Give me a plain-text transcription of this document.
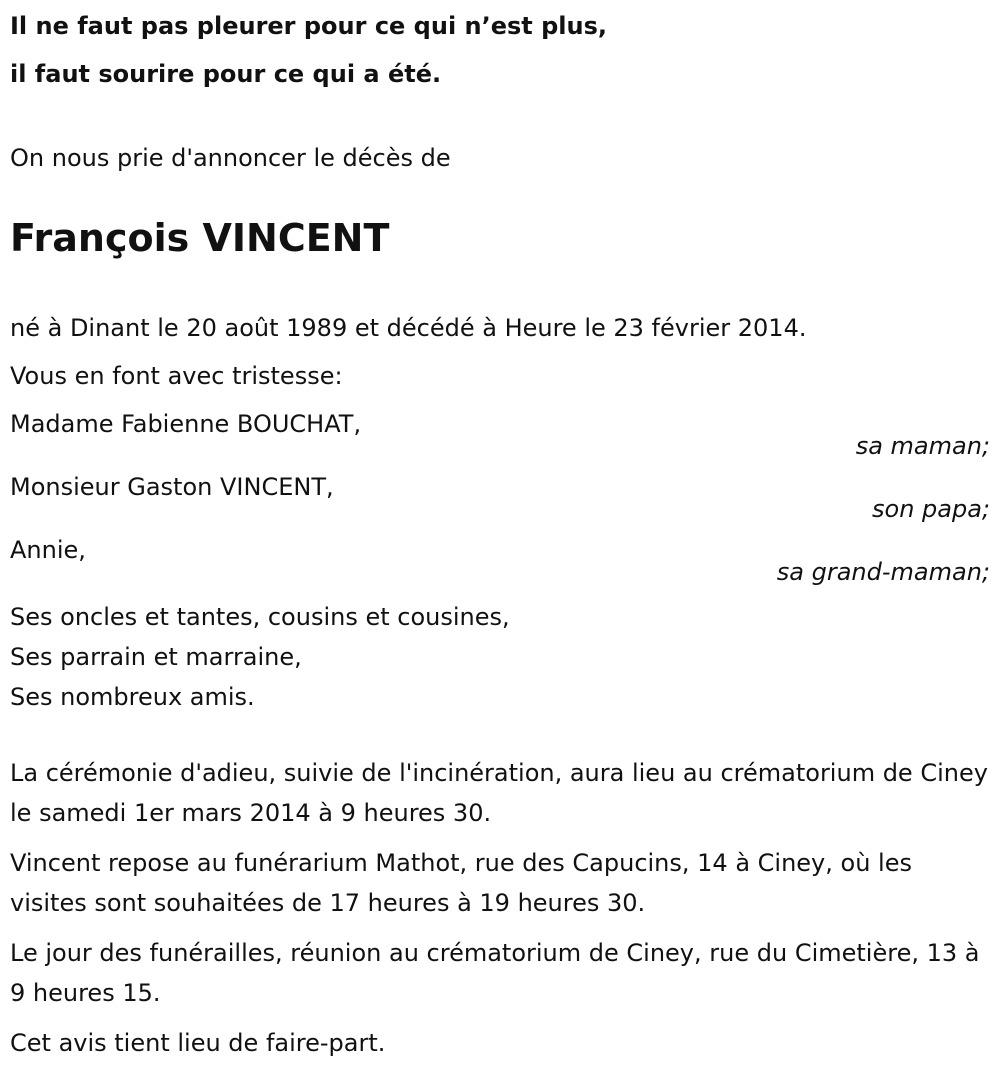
Il ne faut pas pleurer pour ce qui n’est plus,
il faut sourire pour ce qui a été.

On nous prie d'annoncer le décès de

François VINCENT

né à Dinant le 20 août 1989 et décédé à Heure le 23 février 2014.

Vous en font avec tristesse:

Madame Fabienne BOUCHAT,
sa maman;
Monsieur Gaston VINCENT,
son papa;
Annie,
sa grand-maman;

Ses oncles et tantes, cousins et cousines,

Ses parrain et marraine,

Ses nombreux amis.

La cérémonie d'adieu, suivie de l'incinération, aura lieu au crématorium de Ciney le samedi 1er mars 2014 à 9 heures 30.

Vincent repose au funérarium Mathot, rue des Capucins, 14 à Ciney, où les visites sont souhaitées de 17 heures à 19 heures 30.

Le jour des funérailles, réunion au crématorium de Ciney, rue du Cimetière, 13 à 9 heures 15.

Cet avis tient lieu de faire-part.
